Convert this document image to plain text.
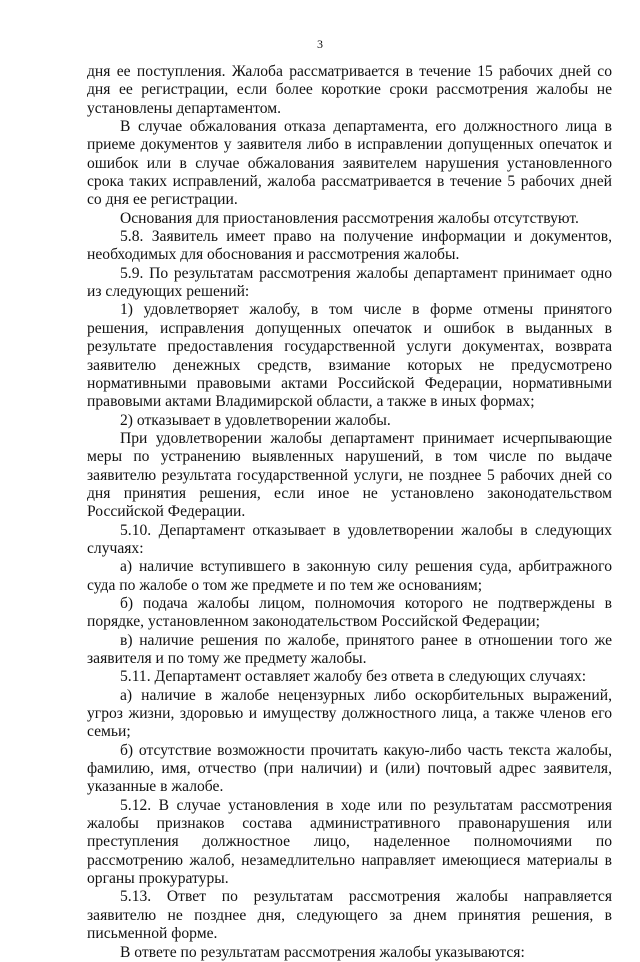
3

дня ее поступления. Жалоба рассматривается в течение 15 рабочих дней со дня ее регистрации, если более короткие сроки рассмотрения жалобы не установлены департаментом.

В случае обжалования отказа департамента, его должностного лица в приеме документов у заявителя либо в исправлении допущенных опечаток и ошибок или в случае обжалования заявителем нарушения установленного срока таких исправлений, жалоба рассматривается в течение 5 рабочих дней со дня ее регистрации.

Основания для приостановления рассмотрения жалобы отсутствуют.

5.8. Заявитель имеет право на получение информации и документов, необходимых для обоснования и рассмотрения жалобы.

5.9. По результатам рассмотрения жалобы департамент принимает одно из следующих решений:

1) удовлетворяет жалобу, в том числе в форме отмены принятого решения, исправления допущенных опечаток и ошибок в выданных в результате предоставления государственной услуги документах, возврата заявителю денежных средств, взимание которых не предусмотрено нормативными правовыми актами Российской Федерации, нормативными правовыми актами Владимирской области, а также в иных формах;

2) отказывает в удовлетворении жалобы.

При удовлетворении жалобы департамент принимает исчерпывающие меры по устранению выявленных нарушений, в том числе по выдаче заявителю результата государственной услуги, не позднее 5 рабочих дней со дня принятия решения, если иное не установлено законодательством Российской Федерации.

5.10. Департамент отказывает в удовлетворении жалобы в следующих случаях:

а) наличие вступившего в законную силу решения суда, арбитражного суда по жалобе о том же предмете и по тем же основаниям;

б) подача жалобы лицом, полномочия которого не подтверждены в порядке, установленном законодательством Российской Федерации;

в) наличие решения по жалобе, принятого ранее в отношении того же заявителя и по тому же предмету жалобы.

5.11. Департамент оставляет жалобу без ответа в следующих случаях:

а) наличие в жалобе нецензурных либо оскорбительных выражений, угроз жизни, здоровью и имуществу должностного лица, а также членов его семьи;

б) отсутствие возможности прочитать какую-либо часть текста жалобы, фамилию, имя, отчество (при наличии) и (или) почтовый адрес заявителя, указанные в жалобе.

5.12. В случае установления в ходе или по результатам рассмотрения жалобы признаков состава административного правонарушения или преступления должностное лицо, наделенное полномочиями по рассмотрению жалоб, незамедлительно направляет имеющиеся материалы в органы прокуратуры.

5.13. Ответ по результатам рассмотрения жалобы направляется заявителю не позднее дня, следующего за днем принятия решения, в письменной форме.

В ответе по результатам рассмотрения жалобы указываются:
